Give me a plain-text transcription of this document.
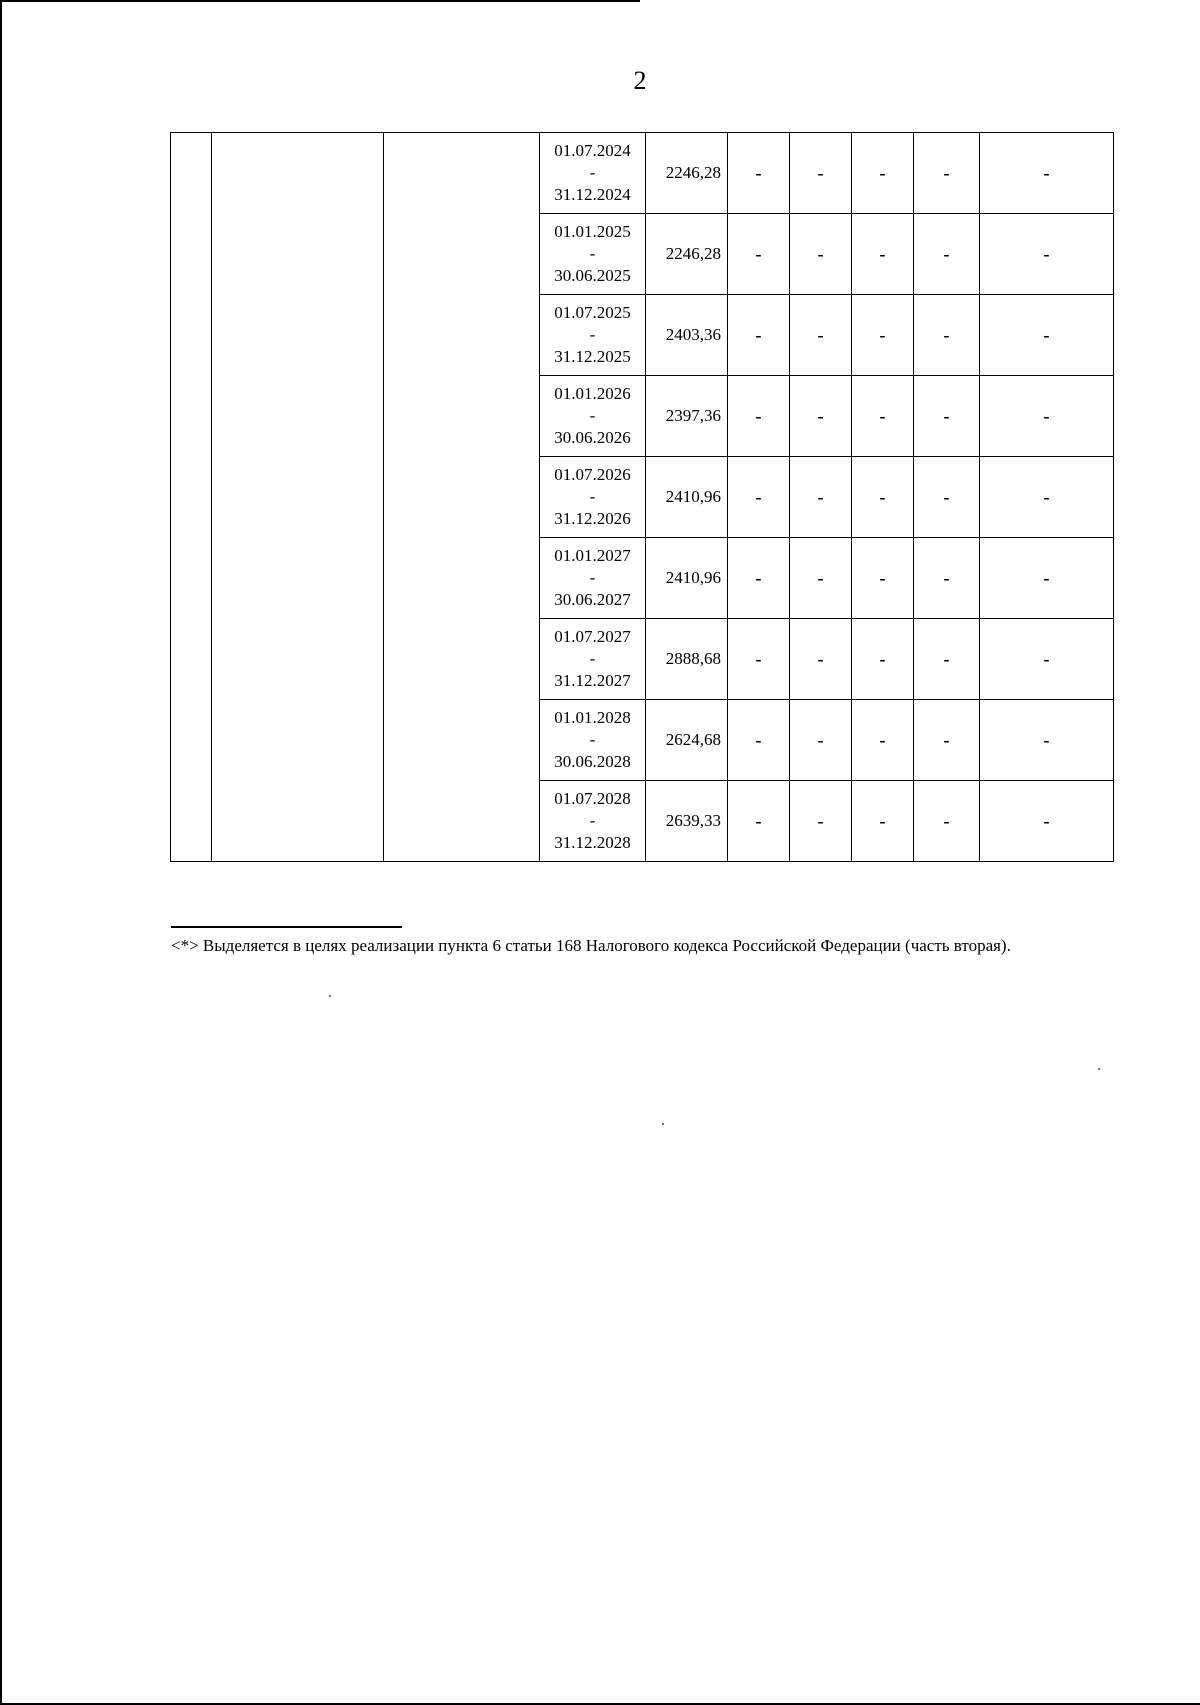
2

			01.07.2024
-
31.12.2024	2246,28	-	-	-	-	-

			01.01.2025
-
30.06.2025	2246,28	-	-	-	-	-

			01.07.2025
-
31.12.2025	2403,36	-	-	-	-	-

			01.01.2026
-
30.06.2026	2397,36	-	-	-	-	-

			01.07.2026
-
31.12.2026	2410,96	-	-	-	-	-

			01.01.2027
-
30.06.2027	2410,96	-	-	-	-	-

			01.07.2027
-
31.12.2027	2888,68	-	-	-	-	-

			01.01.2028
-
30.06.2028	2624,68	-	-	-	-	-

			01.07.2028
-
31.12.2028	2639,33	-	-	-	-	-
<*> Выделяется в целях реализации пункта 6 статьи 168 Налогового кодекса Российской Федерации (часть вторая).
